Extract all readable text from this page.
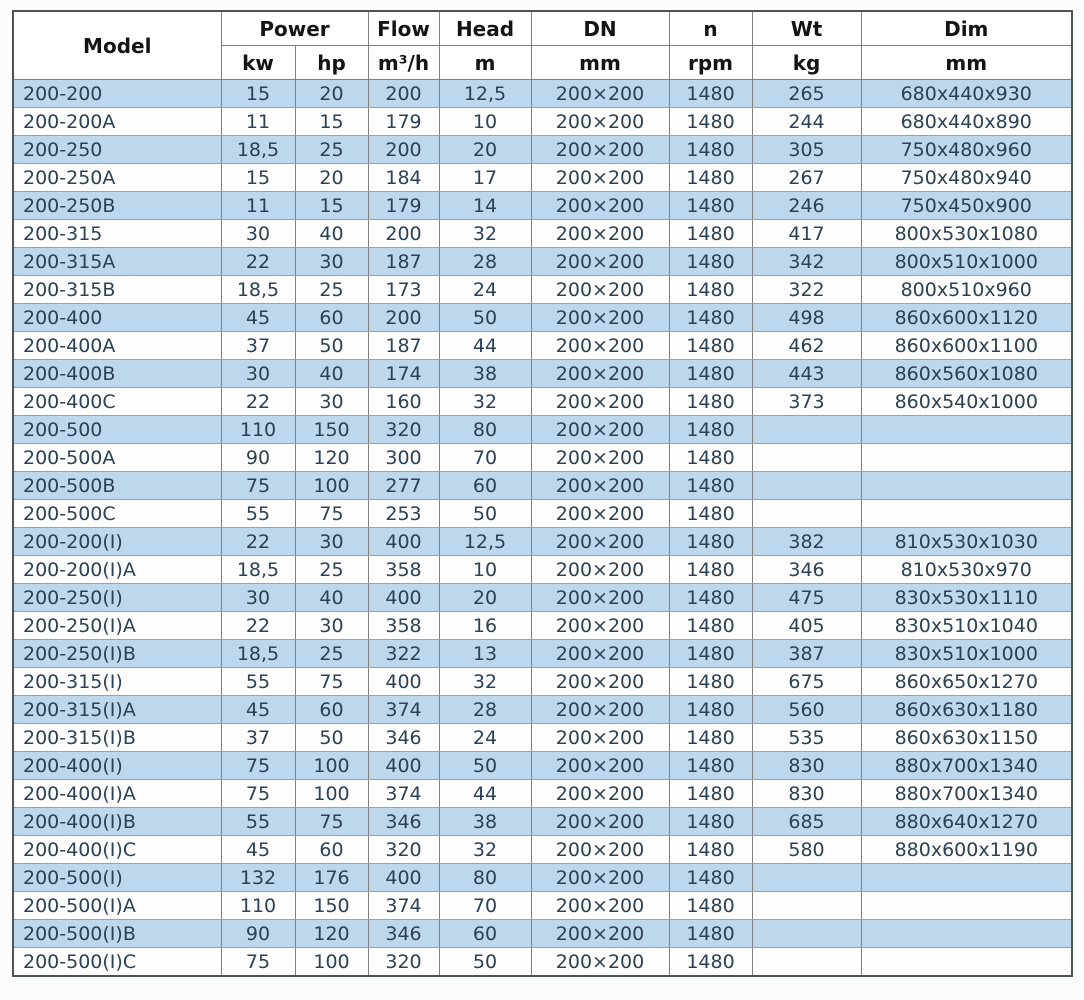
Model	Power		Flow	Head	DN	n	Wt	Dim
	kw	hp	m³/h	m	mm	rpm	kg	mm
200-200	15	20	200	12,5	200×200	1480	265	680x440x930
200-200A	11	15	179	10	200×200	1480	244	680x440x890
200-250	18,5	25	200	20	200×200	1480	305	750x480x960
200-250A	15	20	184	17	200×200	1480	267	750x480x940
200-250B	11	15	179	14	200×200	1480	246	750x450x900
200-315	30	40	200	32	200×200	1480	417	800x530x1080
200-315A	22	30	187	28	200×200	1480	342	800x510x1000
200-315B	18,5	25	173	24	200×200	1480	322	800x510x960
200-400	45	60	200	50	200×200	1480	498	860x600x1120
200-400A	37	50	187	44	200×200	1480	462	860x600x1100
200-400B	30	40	174	38	200×200	1480	443	860x560x1080
200-400C	22	30	160	32	200×200	1480	373	860x540x1000
200-500	110	150	320	80	200×200	1480		
200-500A	90	120	300	70	200×200	1480		
200-500B	75	100	277	60	200×200	1480		
200-500C	55	75	253	50	200×200	1480		
200-200(I)	22	30	400	12,5	200×200	1480	382	810x530x1030
200-200(I)A	18,5	25	358	10	200×200	1480	346	810x530x970
200-250(I)	30	40	400	20	200×200	1480	475	830x530x1110
200-250(I)A	22	30	358	16	200×200	1480	405	830x510x1040
200-250(I)B	18,5	25	322	13	200×200	1480	387	830x510x1000
200-315(I)	55	75	400	32	200×200	1480	675	860x650x1270
200-315(I)A	45	60	374	28	200×200	1480	560	860x630x1180
200-315(I)B	37	50	346	24	200×200	1480	535	860x630x1150
200-400(I)	75	100	400	50	200×200	1480	830	880x700x1340
200-400(I)A	75	100	374	44	200×200	1480	830	880x700x1340
200-400(I)B	55	75	346	38	200×200	1480	685	880x640x1270
200-400(I)C	45	60	320	32	200×200	1480	580	880x600x1190
200-500(I)	132	176	400	80	200×200	1480		
200-500(I)A	110	150	374	70	200×200	1480		
200-500(I)B	90	120	346	60	200×200	1480		
200-500(I)C	75	100	320	50	200×200	1480		
